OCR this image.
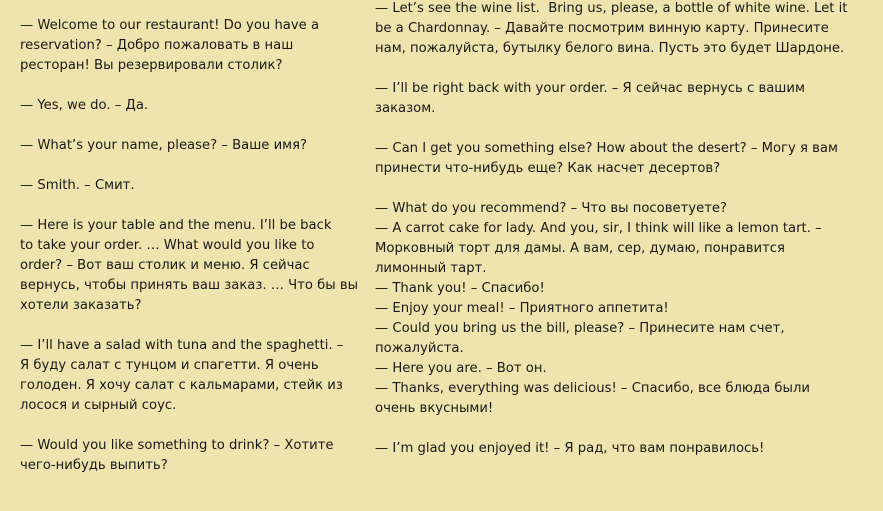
— Welcome to our restaurant! Do you have a
reservation? – Добро пожаловать в наш
ресторан! Вы резервировали столик?

— Yes, we do. – Да.

— What’s your name, please? – Ваше имя?

— Smith. – Смит.

— Here is your table and the menu. I’ll be back
to take your order. … What would you like to
order? – Вот ваш столик и меню. Я сейчас
вернусь, чтобы принять ваш заказ. … Что бы вы
хотели заказать?

— I’ll have a salad with tuna and the spaghetti. –
Я буду салат с тунцом и спагетти. Я очень
голоден. Я хочу салат с кальмарами, стейк из
лосося и сырный соус.

— Would you like something to drink? – Хотите
чего-нибудь выпить?

— Let’s see the wine list.  Bring us, please, a bottle of white wine. Let it
be a Chardonnay. – Давайте посмотрим винную карту. Принесите
нам, пожалуйста, бутылку белого вина. Пусть это будет Шардоне.

— I’ll be right back with your order. – Я сейчас вернусь с вашим
заказом.

— Can I get you something else? How about the desert? – Могу я вам
принести что-нибудь еще? Как насчет десертов?

— What do you recommend? – Что вы посоветуете?

— A carrot cake for lady. And you, sir, I think will like a lemon tart. –
Морковный торт для дамы. А вам, сер, думаю, понравится
лимонный тарт.

— Thank you! – Спасибо!

— Enjoy your meal! – Приятного аппетита!

— Could you bring us the bill, please? – Принесите нам счет,
пожалуйста.

— Here you are. – Вот он.

— Thanks, everything was delicious! – Спасибо, все блюда были
очень вкусными!

— I’m glad you enjoyed it! – Я рад, что вам понравилось!
